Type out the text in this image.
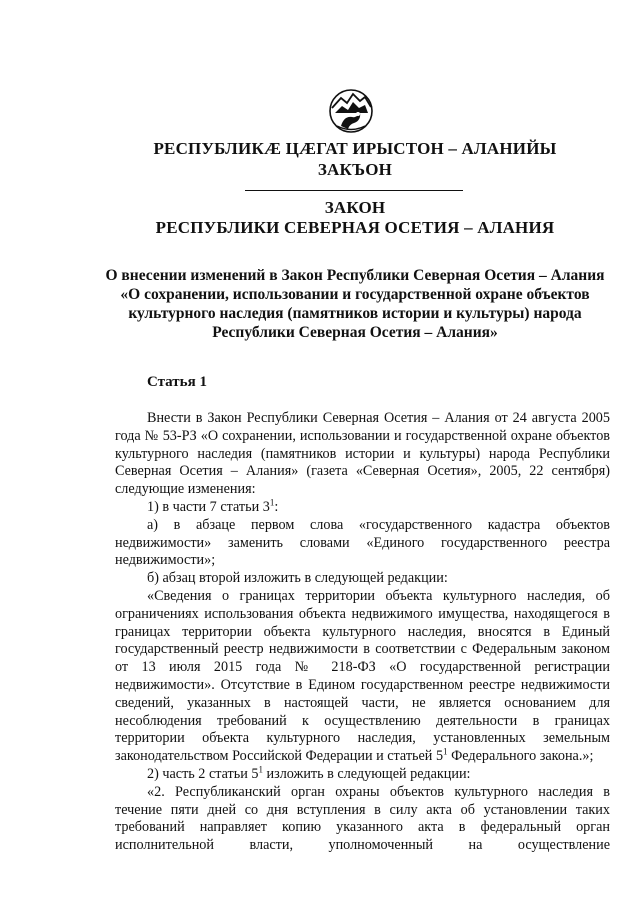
РЕСПУБЛИКÆ ЦÆГАТ ИРЫСТОН – АЛАНИЙЫ
ЗАКЪОН
ЗАКОН
РЕСПУБЛИКИ СЕВЕРНАЯ ОСЕТИЯ – АЛАНИЯ
О внесении изменений в Закон Республики Северная Осетия – Алания
«О сохранении, использовании и государственной охране объектов
культурного наследия (памятников истории и культуры) народа
Республики Северная Осетия – Алания»
Статья 1

Внести в Закон Республики Северная Осетия – Алания от 24 августа 2005 года № 53-РЗ «О сохранении, использовании и государственной охране объектов культурного наследия (памятников истории и культуры) народа Республики Северная Осетия – Алания» (газета «Северная Осетия», 2005, 22 сентября) следующие изменения:

1) в части 7 статьи $3^1$:

а) в абзаце первом слова «государственного кадастра объектов недвижимости» заменить словами «Единого государственного реестра недвижимости»;

б) абзац второй изложить в следующей редакции:

«Сведения о границах территории объекта культурного наследия, об ограничениях использования объекта недвижимого имущества, находящегося в границах территории объекта культурного наследия, вносятся в Единый государственный реестр недвижимости в соответствии с Федеральным законом от 13 июля 2015 года № 218-ФЗ «О государственной регистрации недвижимости». Отсутствие в Едином государственном реестре недвижимости сведений, указанных в настоящей части, не является основанием для несоблюдения требований к осуществлению деятельности в границах территории объекта культурного наследия, установленных земельным законодательством Российской Федерации и статьей $5^1$ Федерального закона.»;

2) часть 2 статьи $5^1$ изложить в следующей редакции:

«2. Республиканский орган охраны объектов культурного наследия в течение пяти дней со дня вступления в силу акта об установлении таких требований направляет копию указанного акта в федеральный орган исполнительной власти, уполномоченный на осуществление
